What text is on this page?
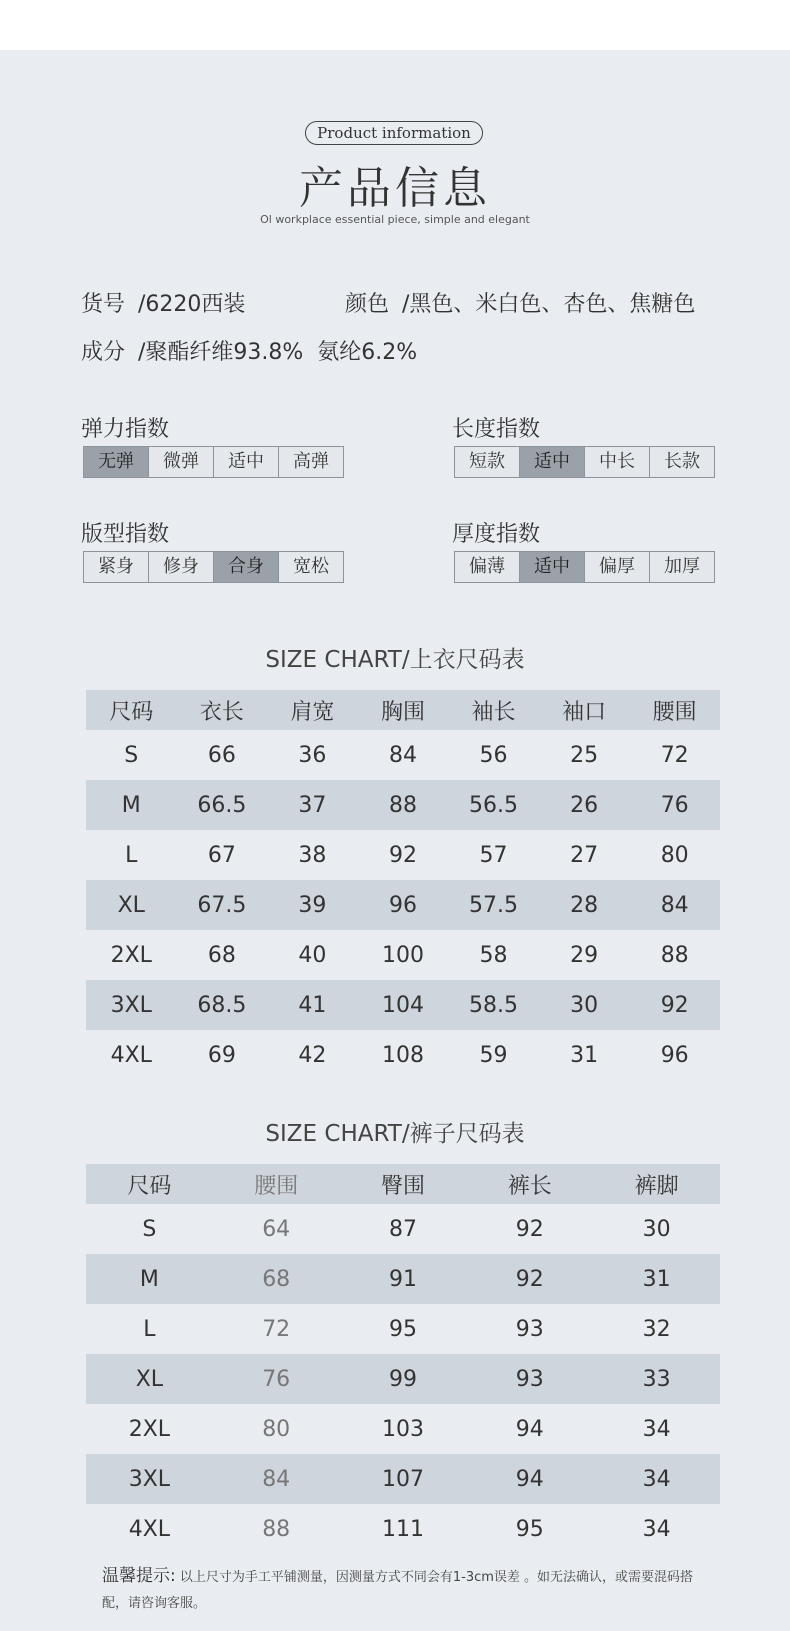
Product information
产品信息
Ol workplace essential piece, simple and elegant
货号 /6220西装	颜色 /黑色、米白色、杏色、焦糖色
成分 /聚酯纤维93.8%  氨纶6.2%
弹力指数
无弹	微弹	适中	高弹
长度指数
短款	适中	中长	长款
版型指数
紧身	修身	合身	宽松
厚度指数
偏薄	适中	偏厚	加厚
SIZE CHART/上衣尺码表
尺码	衣长	肩宽	胸围	袖长	袖口	腰围
S	66	36	84	56	25	72
M	66.5	37	88	56.5	26	76
L	67	38	92	57	27	80
XL	67.5	39	96	57.5	28	84
2XL	68	40	100	58	29	88
3XL	68.5	41	104	58.5	30	92
4XL	69	42	108	59	31	96
SIZE CHART/裤子尺码表
尺码	腰围	臀围	裤长	裤脚
S	64	87	92	30
M	68	91	92	31
L	72	95	93	32
XL	76	99	93	33
2XL	80	103	94	34
3XL	84	107	94	34
4XL	88	111	95	34
温馨提示: 以上尺寸为手工平铺测量，因测量方式不同会有1-3cm误差 。如无法确认，或需要混码搭配，请咨询客服。
